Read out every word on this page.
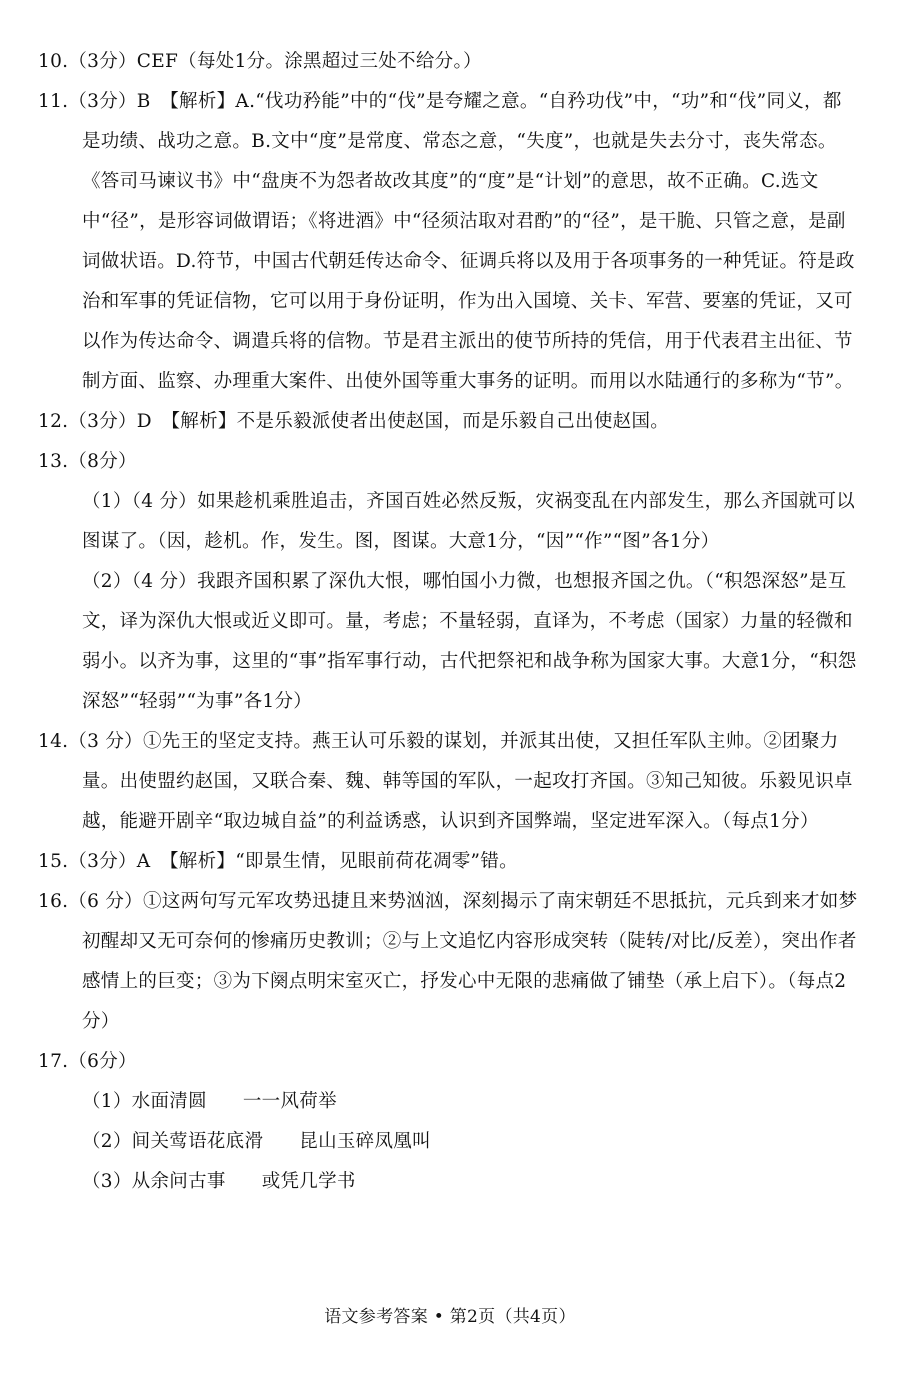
10.（3分）CEF（每处1分。涂黑超过三处不给分。）

11.（3分）B　【解析】A.“伐功矜能”中的“伐”是夸耀之意。“自矜功伐”中，“功”和“伐”同义，都是功绩、战功之意。B.文中“度”是常度、常态之意，“失度”，也就是失去分寸，丧失常态。《答司马谏议书》中“盘庚不为怨者故改其度”的“度”是“计划”的意思，故不正确。C.选文中“径”，是形容词做谓语；《将进酒》中“径须沽取对君酌”的“径”，是干脆、只管之意，是副词做状语。D.符节，中国古代朝廷传达命令、征调兵将以及用于各项事务的一种凭证。符是政治和军事的凭证信物，它可以用于身份证明，作为出入国境、关卡、军营、要塞的凭证，又可以作为传达命令、调遣兵将的信物。节是君主派出的使节所持的凭信，用于代表君主出征、节制方面、监察、办理重大案件、出使外国等重大事务的证明。而用以水陆通行的多称为“节”。

12.（3分）D　【解析】不是乐毅派使者出使赵国，而是乐毅自己出使赵国。

13.（8分）

（1）（4 分）如果趁机乘胜追击，齐国百姓必然反叛，灾祸变乱在内部发生，那么齐国就可以图谋了。（因，趁机。作，发生。图，图谋。大意1分，“因”“作”“图”各1分）

（2）（4 分）我跟齐国积累了深仇大恨，哪怕国小力微，也想报齐国之仇。（“积怨深怒”是互文，译为深仇大恨或近义即可。量，考虑；不量轻弱，直译为，不考虑（国家）力量的轻微和弱小。以齐为事，这里的“事”指军事行动，古代把祭祀和战争称为国家大事。大意1分，“积怨深怒”“轻弱”“为事”各1分）

14.（3 分）①先王的坚定支持。燕王认可乐毅的谋划，并派其出使，又担任军队主帅。②团聚力量。出使盟约赵国，又联合秦、魏、韩等国的军队，一起攻打齐国。③知己知彼。乐毅见识卓越，能避开剧辛“取边城自益”的利益诱惑，认识到齐国弊端，坚定进军深入。（每点1分）

15.（3分）A　【解析】“即景生情，见眼前荷花凋零”错。

16.（6 分）①这两句写元军攻势迅捷且来势汹汹，深刻揭示了南宋朝廷不思抵抗，元兵到来才如梦初醒却又无可奈何的惨痛历史教训；②与上文追忆内容形成突转（陡转/对比/反差），突出作者感情上的巨变；③为下阕点明宋室灭亡，抒发心中无限的悲痛做了铺垫（承上启下）。（每点2分）

17.（6分）

（1）水面清圆 一一风荷举

（2）间关莺语花底滑 昆山玉碎凤凰叫

（3）从余问古事 或凭几学书

语文参考答案 • 第2页（共4页）
